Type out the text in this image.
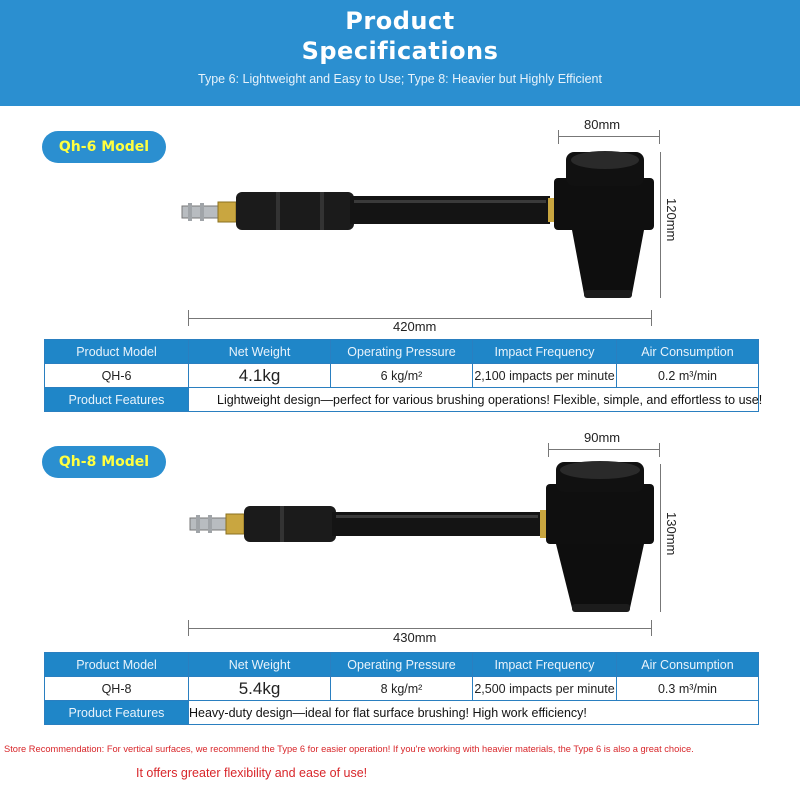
Product
Specifications
Type 6: Lightweight and Easy to Use; Type 8: Heavier but Highly Efficient
Qh-6 Model
80mm
120mm
420mm
Product Model	Net Weight	Operating Pressure	Impact Frequency	Air Consumption
QH-6	4.1kg	6 kg/m²	2,100 impacts per minute	0.2 m³/min
Product Features	Lightweight design—perfect for various brushing operations! Flexible, simple, and effortless to use!			
Qh-8 Model
90mm
130mm
430mm
Product Model	Net Weight	Operating Pressure	Impact Frequency	Air Consumption
QH-8	5.4kg	8 kg/m²	2,500 impacts per minute	0.3 m³/min
Product Features	Heavy-duty design—ideal for flat surface brushing! High work efficiency!			
Store Recommendation: For vertical surfaces, we recommend the Type 6 for easier operation! If you're working with heavier materials, the Type 6 is also a great choice.
It offers greater flexibility and ease of use!
